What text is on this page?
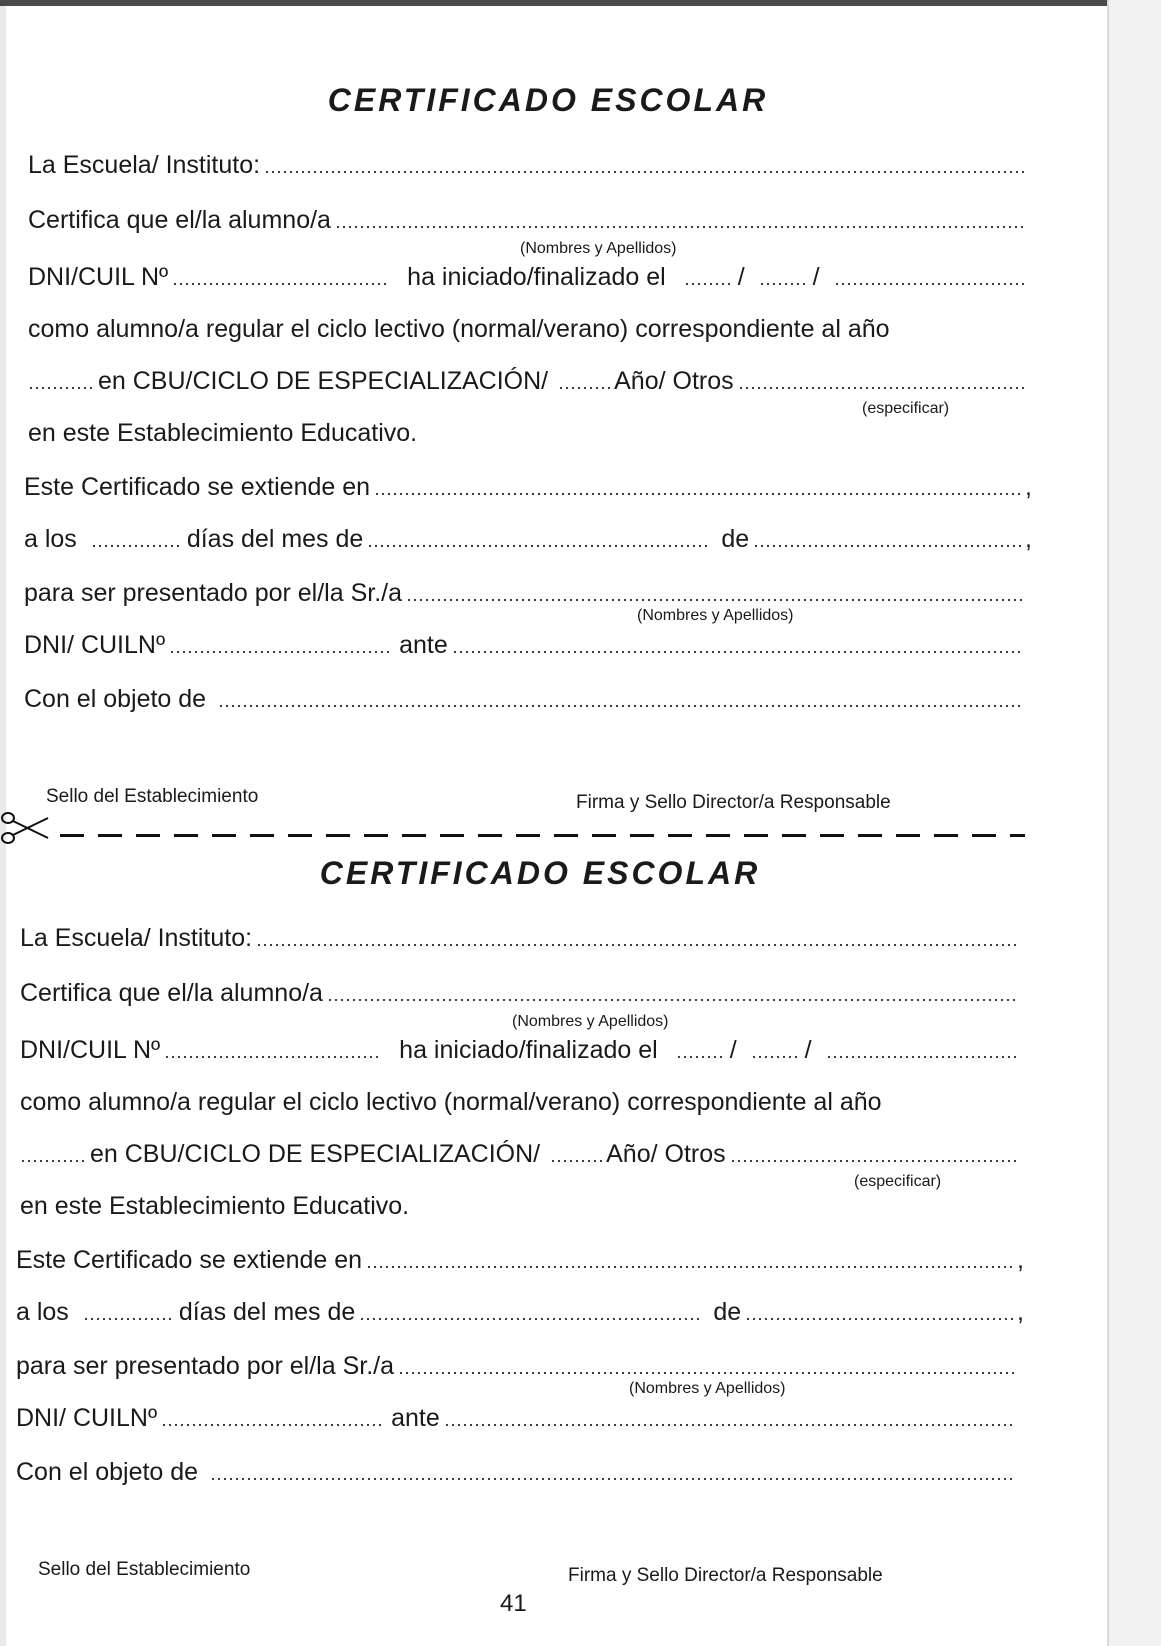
CERTIFICADO ESCOLAR
La Escuela/ Instituto:
Certifica que el/la alumno/a
(Nombres y Apellidos)
DNI/CUIL Nº	ha iniciado/finalizado el	/	/
como alumno/a regular el ciclo lectivo (normal/verano) correspondiente al año
en CBU/CICLO DE ESPECIALIZACIÓN/	Año/ Otros
(especificar)
en este Establecimiento Educativo.
Este Certificado se extiende en	,
a los	días del mes de	de	,
para ser presentado por el/la Sr./a
(Nombres y Apellidos)
DNI/ CUILNº	ante
Con el objeto de
Sello del Establecimiento	Firma y Sello Director/a Responsable
CERTIFICADO ESCOLAR
La Escuela/ Instituto:
Certifica que el/la alumno/a
(Nombres y Apellidos)
DNI/CUIL Nº	ha iniciado/finalizado el	/	/
como alumno/a regular el ciclo lectivo (normal/verano) correspondiente al año
en CBU/CICLO DE ESPECIALIZACIÓN/	Año/ Otros
(especificar)
en este Establecimiento Educativo.
Este Certificado se extiende en	,
a los	días del mes de	de	,
para ser presentado por el/la Sr./a
(Nombres y Apellidos)
DNI/ CUILNº	ante
Con el objeto de
Sello del Establecimiento	Firma y Sello Director/a Responsable
41
